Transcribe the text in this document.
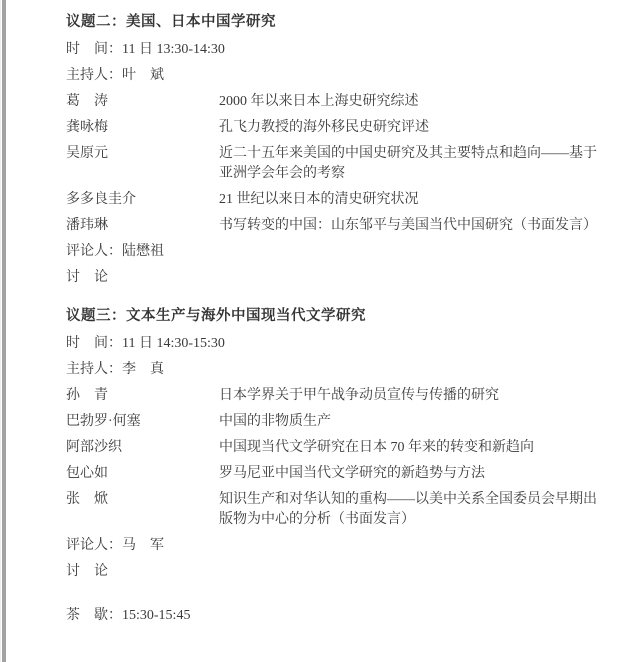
议题二：美国、日本中国学研究
时　间： 11 日 13:30-14:30
主持人： 叶　斌
葛　涛	2000 年以来日本上海史研究综述
龚咏梅	孔飞力教授的海外移民史研究评述
吴原元	近二十五年来美国的中国史研究及其主要特点和趋向——基于亚洲学会年会的考察
多多良圭介	21 世纪以来日本的清史研究状况
潘玮琳	书写转变的中国：山东邹平与美国当代中国研究（书面发言）
评论人： 陆懋祖
讨　论
议题三：文本生产与海外中国现当代文学研究
时　间： 11 日 14:30-15:30
主持人： 李　真
孙　青	日本学界关于甲午战争动员宣传与传播的研究
巴勃罗·何塞	中国的非物质生产
阿部沙织	中国现当代文学研究在日本 70 年来的转变和新趋向
包心如	罗马尼亚中国当代文学研究的新趋势与方法
张　焮	知识生产和对华认知的重构——以美中关系全国委员会早期出版物为中心的分析（书面发言）
评论人： 马　军
讨　论
茶　歇： 15:30-15:45
